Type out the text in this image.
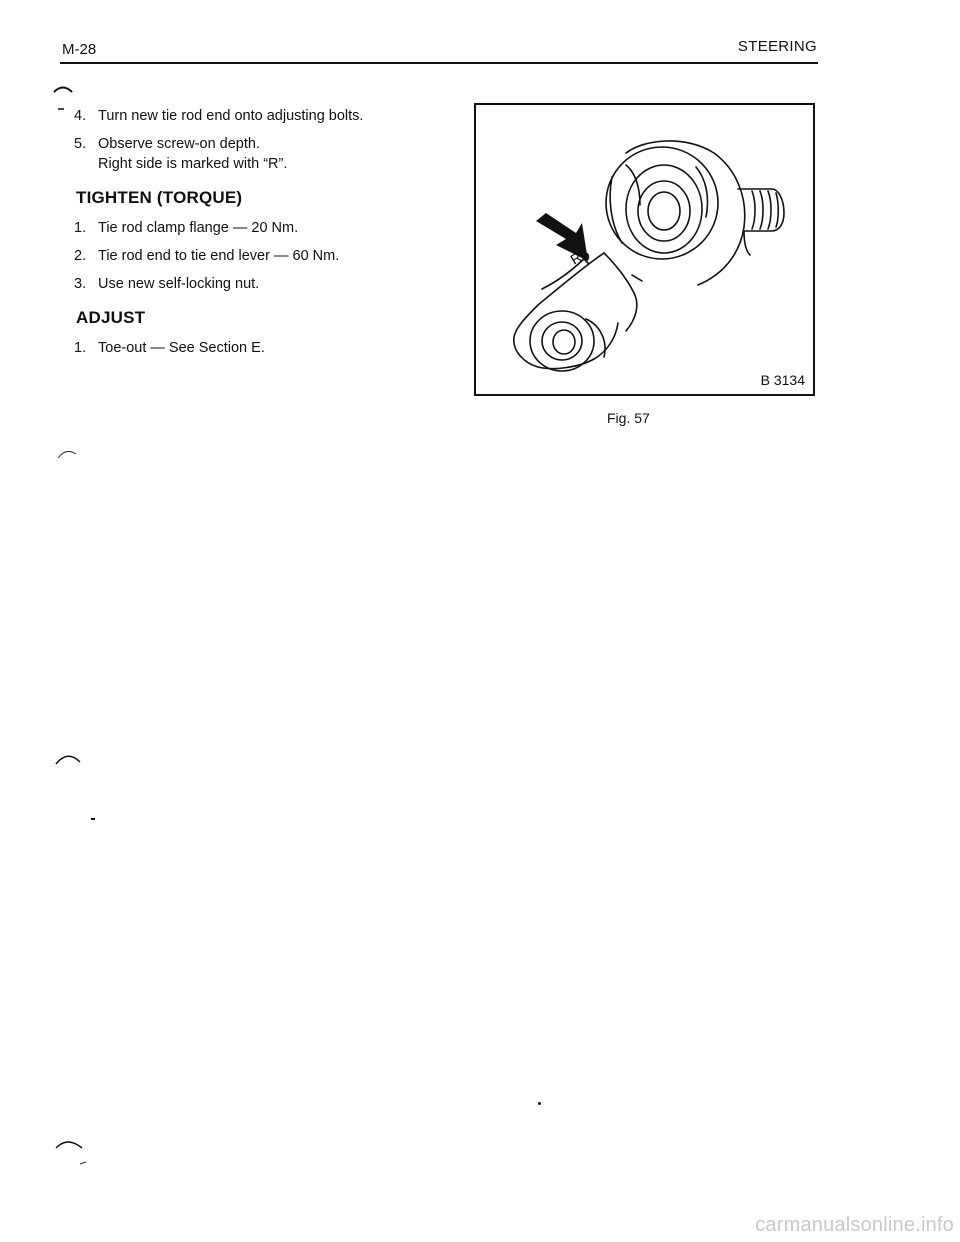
M-28	STEERING
4. Turn new tie rod end onto adjusting bolts.
5. Observe screw-on depth.
Right side is marked with “R”.
TIGHTEN (TORQUE)
1. Tie rod clamp flange — 20 Nm.
2. Tie rod end to tie end lever — 60 Nm.
3. Use new self-locking nut.
ADJUST
1. Toe-out — See Section E.
R
B 3134
Fig. 57
carmanualsonline.info
